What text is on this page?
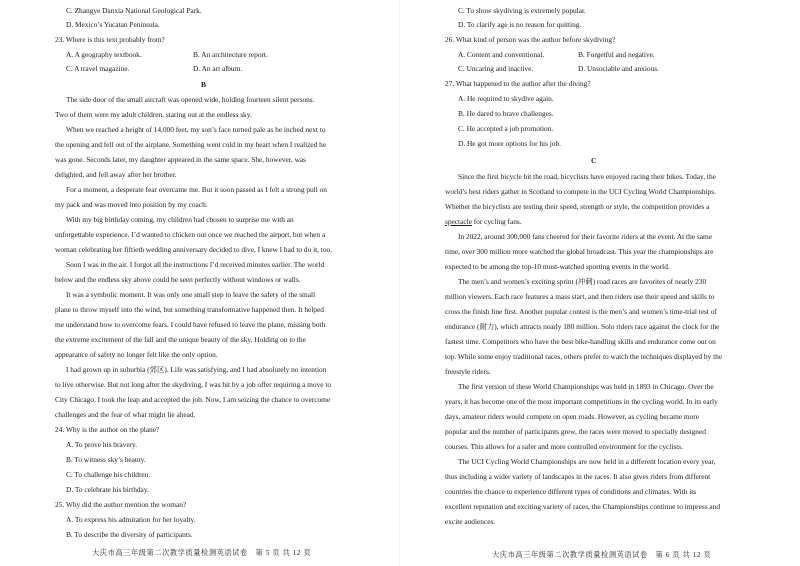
C. Zhangye Danxia National Geological Park.
D. Mexico’s Yucatan Peninsula.
23. Where is this text probably from?
A. A geography textbook.	B. An architecture report.
C. A travel magazine.	D. An art album.
B
The side door of the small aircraft was opened wide, holding fourteen silent persons.
Two of them were my adult children, staring out at the endless sky.
When we reached a height of 14,000 feet, my son’s face turned pale as he inched next to
the opening and fell out of the airplane. Something went cold in my heart when I realized he
was gone. Seconds later, my daughter appeared in the same space. She, however, was
delighted, and fell away after her brother.
For a moment, a desperate fear overcame me. But it soon passed as I felt a strong pull on
my pack and was moved into position by my coach.
With my big birthday coming, my children had chosen to surprise me with an
unforgettable experience. I’d wanted to chicken out once we reached the airport, but when a
woman celebrating her fiftieth wedding anniversary decided to dive, I knew I had to do it, too.
Soon I was in the air. I forgot all the instructions I’d received minutes earlier. The world
below and the endless sky above could be seen perfectly without windows or walls.
It was a symbolic moment. It was only one small step to leave the safety of the small
plane to throw myself into the wind, but something transformative happened then. It helped
me understand how to overcome fears. I could have refused to leave the plane, missing both
the extreme excitement of the fall and the unique beauty of the sky. Holding on to the
appearance of safety no longer felt like the only option.
I had grown up in suburbia (郊区). Life was satisfying, and I had absolutely no intention
to live otherwise. But not long after the skydiving, I was hit by a job offer requiring a move to
City Chicago. I took the leap and accepted the job. Now, I am seizing the chance to overcome
challenges and the fear of what might lie ahead.
24. Why is the author on the plane?
A. To prove his bravery.
B. To witness sky’s beauty.
C. To challenge his children.
D. To celebrate his birthday.
25. Why did the author mention the woman?
A. To express his admiration for her loyalty.
B. To describe the diversity of participants.
大庆市高三年级第二次教学质量检测英语试卷　第 5 页 共 12 页
C. To show skydiving is extremely popular.
D. To clarify age is no reason for quitting.
26. What kind of person was the author before skydiving?
A. Content and conventional.	B. Forgetful and negative.
C. Uncaring and inactive.	D. Unsociable and anxious.
27. What happened to the author after the diving?
A. He required to skydive again.
B. He dared to brave challenges.
C. He accepted a job promotion.
D. He got more options for his job.
C
Since the first bicycle hit the road, bicyclists have enjoyed racing their bikes. Today, the
world’s best riders gather in Scotland to compete in the UCI Cycling World Championships.
Whether the bicyclists are testing their speed, strength or style, the competition provides a
spectacle for cycling fans.
In 2022, around 300,000 fans cheered for their favorite riders at the event. At the same
time, over 300 million more watched the global broadcast. This year the championships are
expected to be among the top-10 most-watched sporting events in the world.
The men’s and women’s exciting sprint (冲刺) road races are favorites of nearly 230
million viewers. Each race features a mass start, and then riders use their speed and skills to
cross the finish line first. Another popular contest is the men’s and women’s time-trial test of
endurance (耐力), which attracts nearly 180 million. Solo riders race against the clock for the
fastest time. Competitors who have the best bike-handling skills and endurance come out on
top. While some enjoy traditional races, others prefer to watch the techniques displayed by the
freestyle riders.
The first version of these World Championships was held in 1893 in Chicago. Over the
years, it has become one of the most important competitions in the cycling world. In its early
days, amateur riders would compete on open roads. However, as cycling became more
popular and the number of participants grew, the races were moved to specially designed
courses. This allows for a safer and more controlled environment for the cyclists.
The UCI Cycling World Championships are now held in a different location every year,
thus including a wider variety of landscapes in the races. It also gives riders from different
countries the chance to experience different types of conditions and climates. With its
excellent reputation and exciting variety of races, the Championships continue to impress and
excite audiences.
大庆市高三年级第二次教学质量检测英语试卷　第 6 页 共 12 页
